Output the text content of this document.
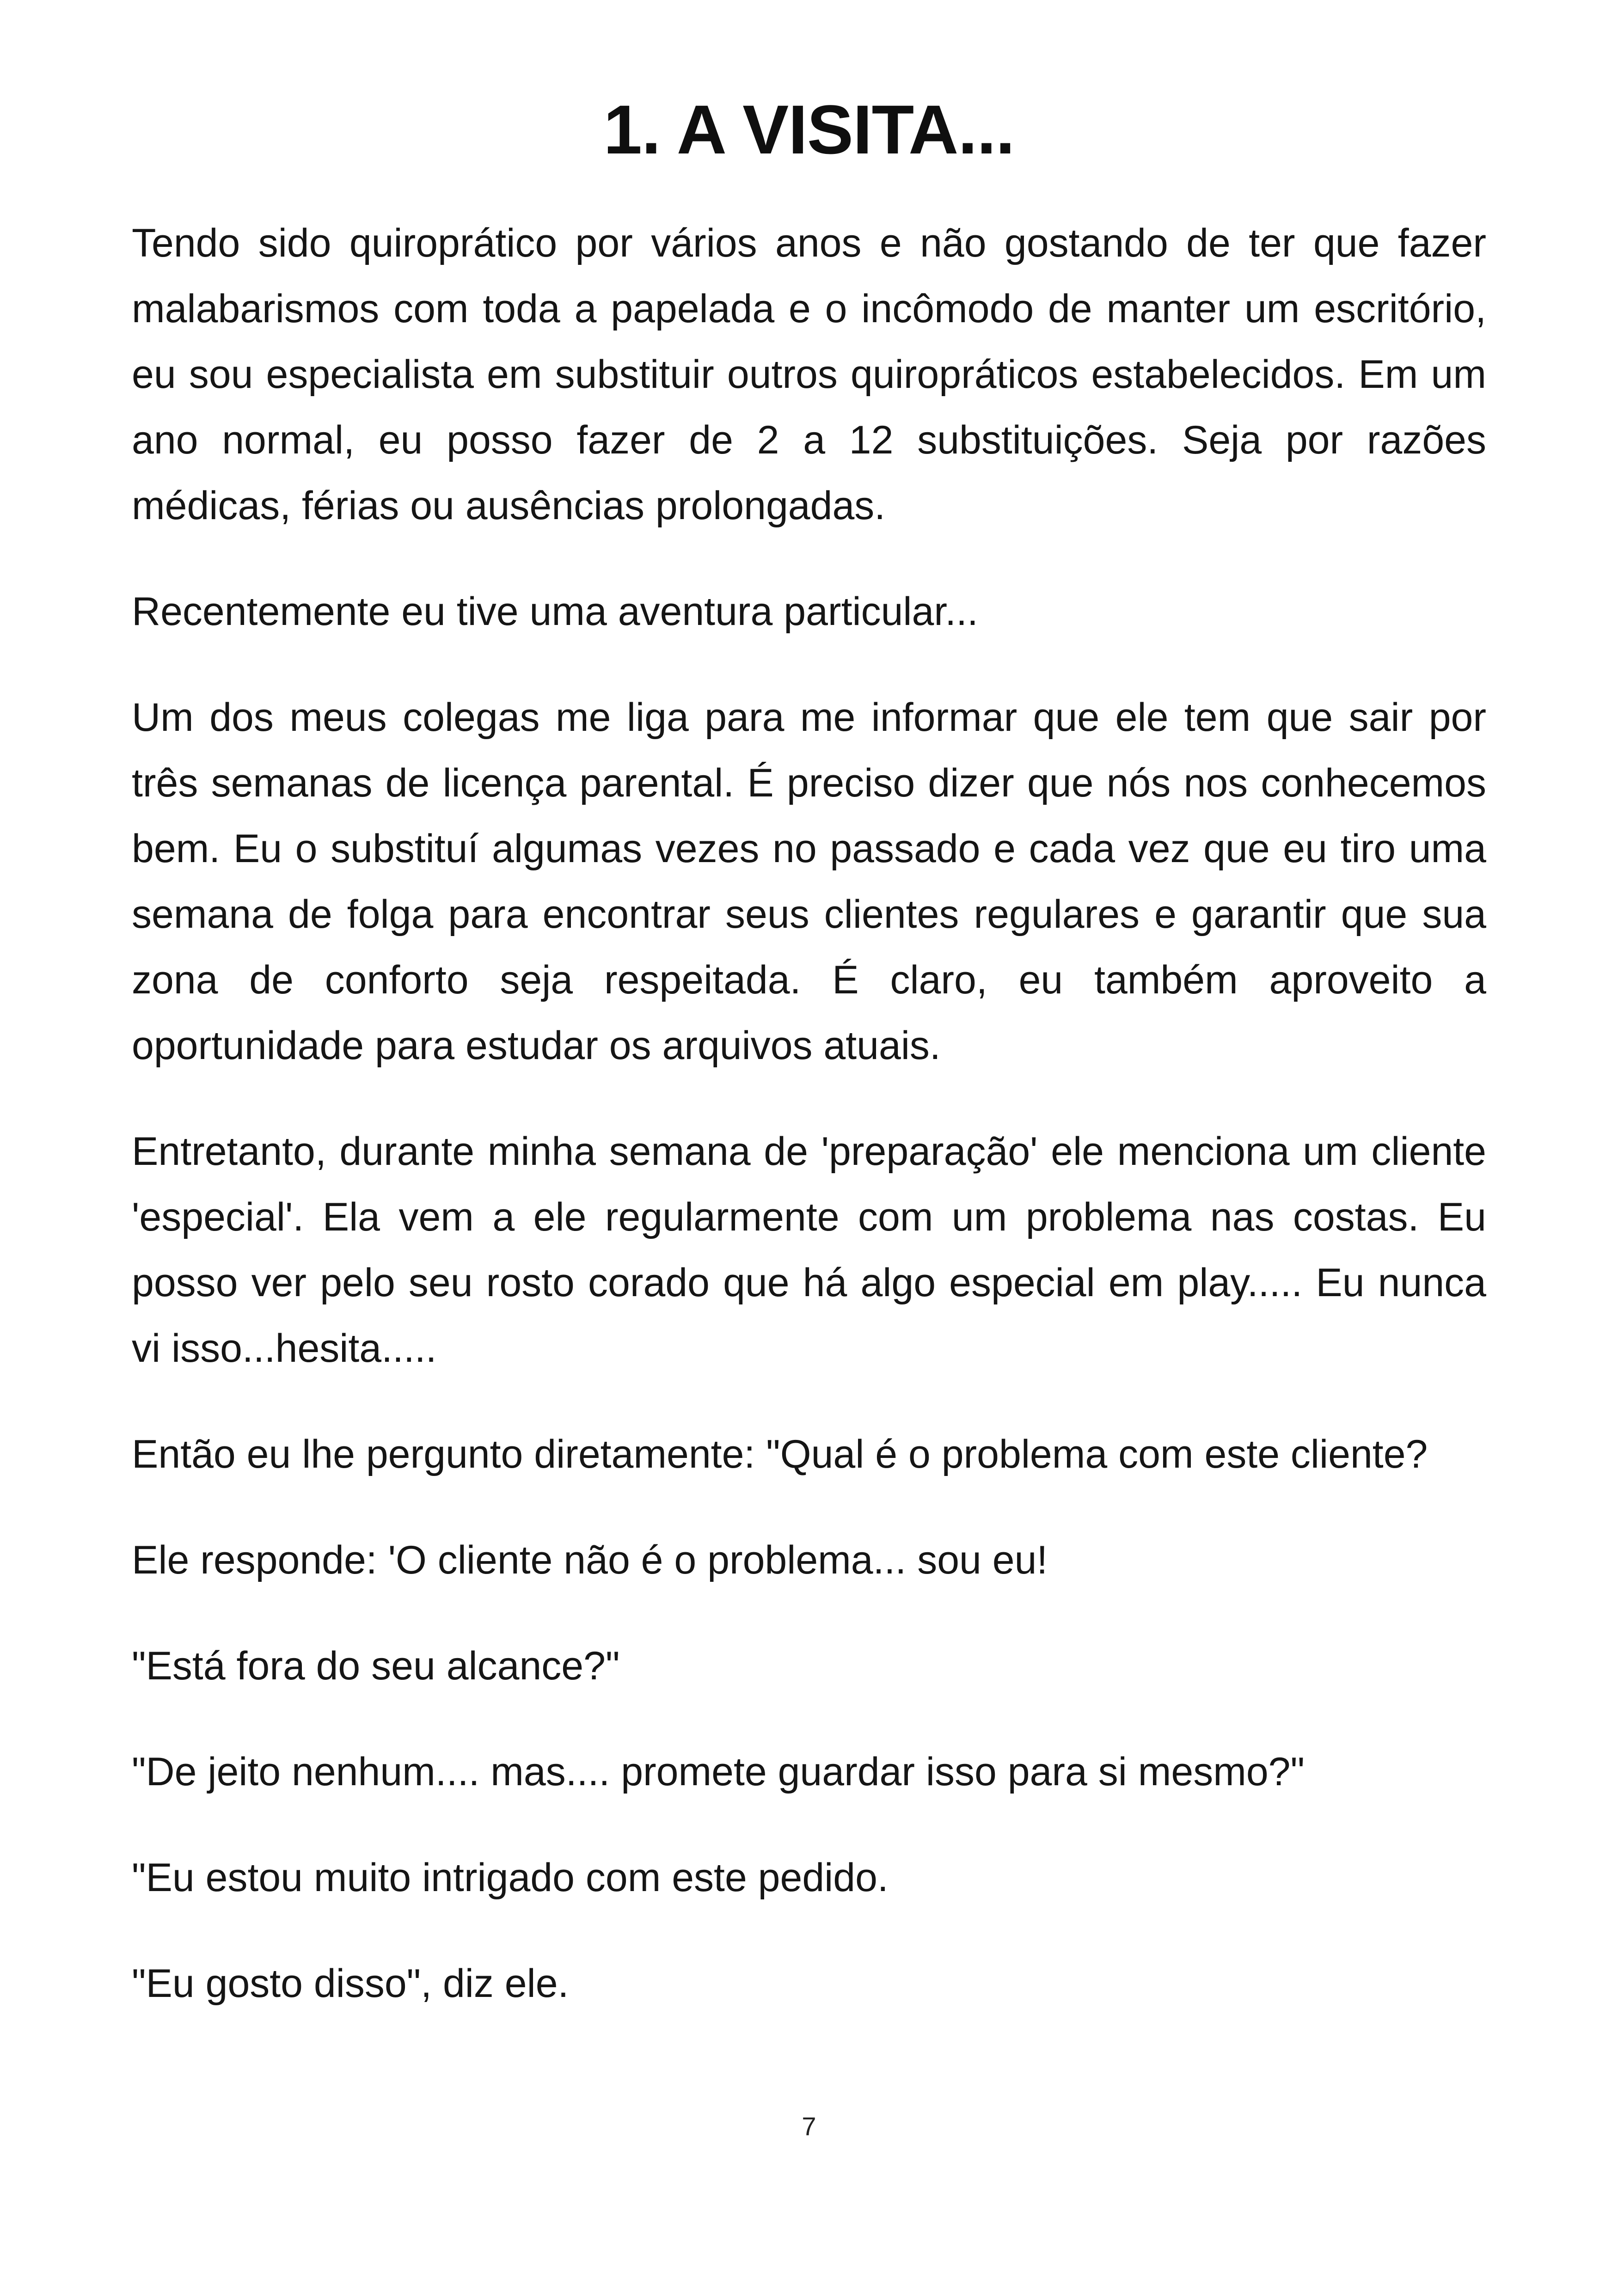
1. A VISITA...

Tendo sido quiroprático por vários anos e não gostando de ter que fazer malabarismos com toda a papelada e o incômodo de manter um escritório, eu sou especialista em substituir outros quiropráticos estabelecidos. Em um ano normal, eu posso fazer de 2 a 12 substituições. Seja por razões médicas, férias ou ausências prolongadas.

Recentemente eu tive uma aventura particular...

Um dos meus colegas me liga para me informar que ele tem que sair por três semanas de licença parental. É preciso dizer que nós nos conhecemos bem. Eu o substituí algumas vezes no passado e cada vez que eu tiro uma semana de folga para encontrar seus clientes regulares e garantir que sua zona de conforto seja respeitada. É claro, eu também aproveito a oportunidade para estudar os arquivos atuais.

Entretanto, durante minha semana de 'preparação' ele menciona um cliente 'especial'. Ela vem a ele regularmente com um problema nas costas. Eu posso ver pelo seu rosto corado que há algo especial em play..... Eu nunca vi isso...hesita.....

Então eu lhe pergunto diretamente: "Qual é o problema com este cliente?

Ele responde: 'O cliente não é o problema... sou eu!

"Está fora do seu alcance?"

"De jeito nenhum.... mas.... promete guardar isso para si mesmo?"

"Eu estou muito intrigado com este pedido.

"Eu gosto disso", diz ele.

7
